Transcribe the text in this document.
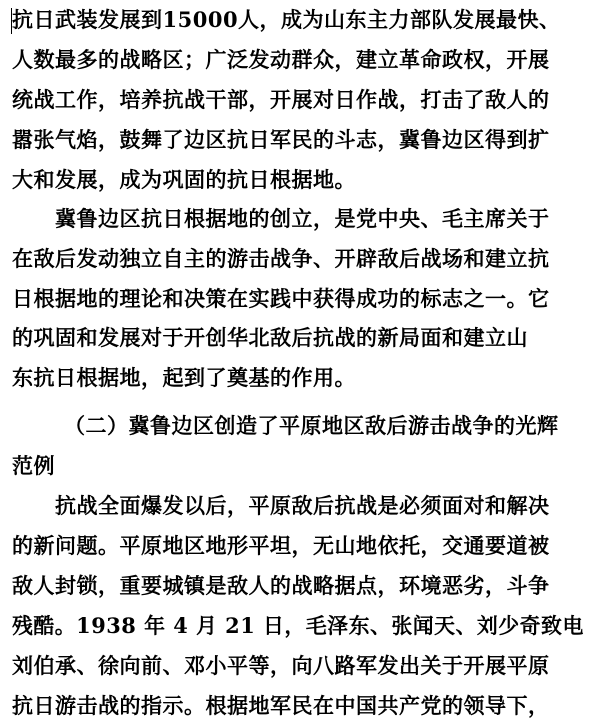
抗日武装发展到15000人，成为山东主力部队发展最快、
人数最多的战略区；广泛发动群众，建立革命政权，开展
统战工作，培养抗战干部，开展对日作战，打击了敌人的
嚣张气焰，鼓舞了边区抗日军民的斗志，冀鲁边区得到扩
大和发展，成为巩固的抗日根据地。
冀鲁边区抗日根据地的创立，是党中央、毛主席关于
在敌后发动独立自主的游击战争、开辟敌后战场和建立抗
日根据地的理论和决策在实践中获得成功的标志之一。它
的巩固和发展对于开创华北敌后抗战的新局面和建立山
东抗日根据地，起到了奠基的作用。
（二）冀鲁边区创造了平原地区敌后游击战争的光辉
范例
抗战全面爆发以后，平原敌后抗战是必须面对和解决
的新问题。平原地区地形平坦，无山地依托，交通要道被
敌人封锁，重要城镇是敌人的战略据点，环境恶劣，斗争
残酷。1938 年 4 月 21 日，毛泽东、张闻天、刘少奇致电
刘伯承、徐向前、邓小平等，向八路军发出关于开展平原
抗日游击战的指示。根据地军民在中国共产党的领导下，
